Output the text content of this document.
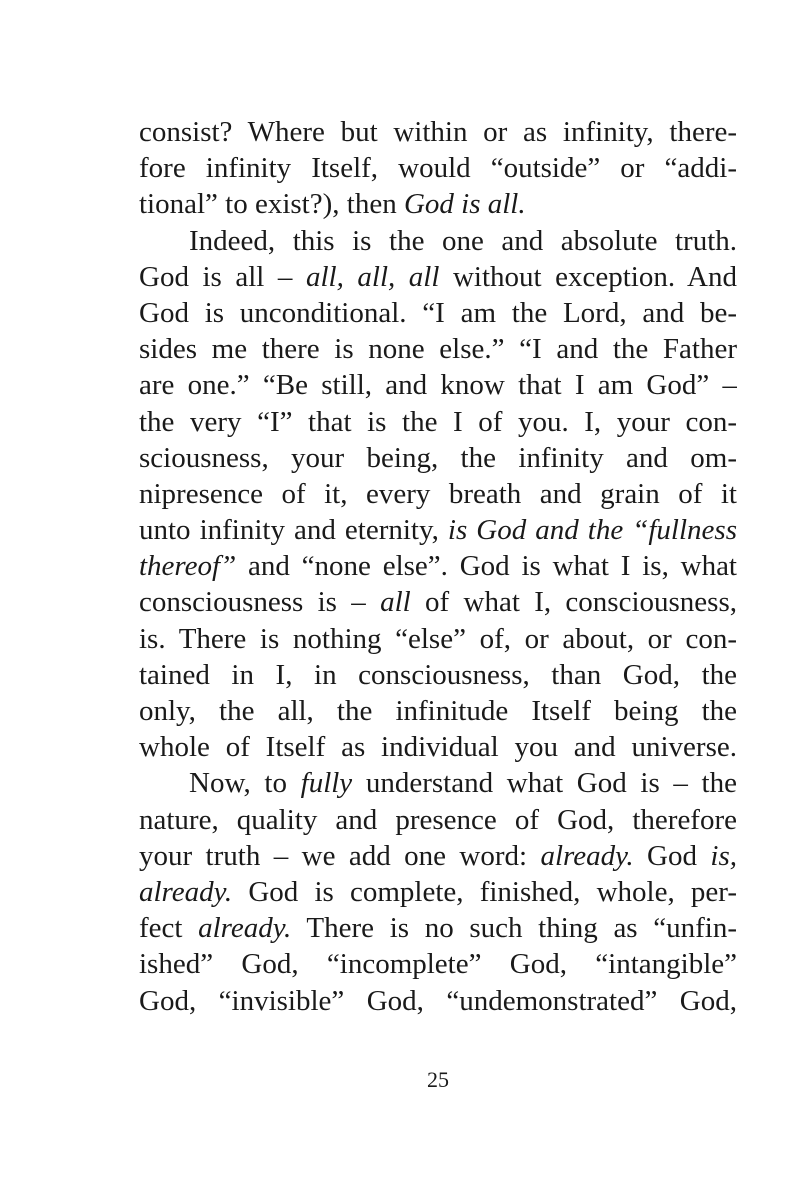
consist? Where but within or as infinity, there-
fore infinity Itself, would “outside” or “addi-
tional” to exist?), then God is all.
Indeed, this is the one and absolute truth.
God is all – all, all, all without exception. And
God is unconditional. “I am the Lord, and be-
sides me there is none else.” “I and the Father
are one.” “Be still, and know that I am God” –
the very “I” that is the I of you. I, your con-
sciousness, your being, the infinity and om-
nipresence of it, every breath and grain of it
unto infinity and eternity, is God and the “fullness
thereof” and “none else”. God is what I is, what
consciousness is – all of what I, consciousness,
is. There is nothing “else” of, or about, or con-
tained in I, in consciousness, than God, the
only, the all, the infinitude Itself being the
whole of Itself as individual you and universe.
Now, to fully understand what God is – the
nature, quality and presence of God, therefore
your truth – we add one word: already. God is,
already. God is complete, finished, whole, per-
fect already. There is no such thing as “unfin-
ished” God, “incomplete” God, “intangible”
God, “invisible” God, “undemonstrated” God,
25
